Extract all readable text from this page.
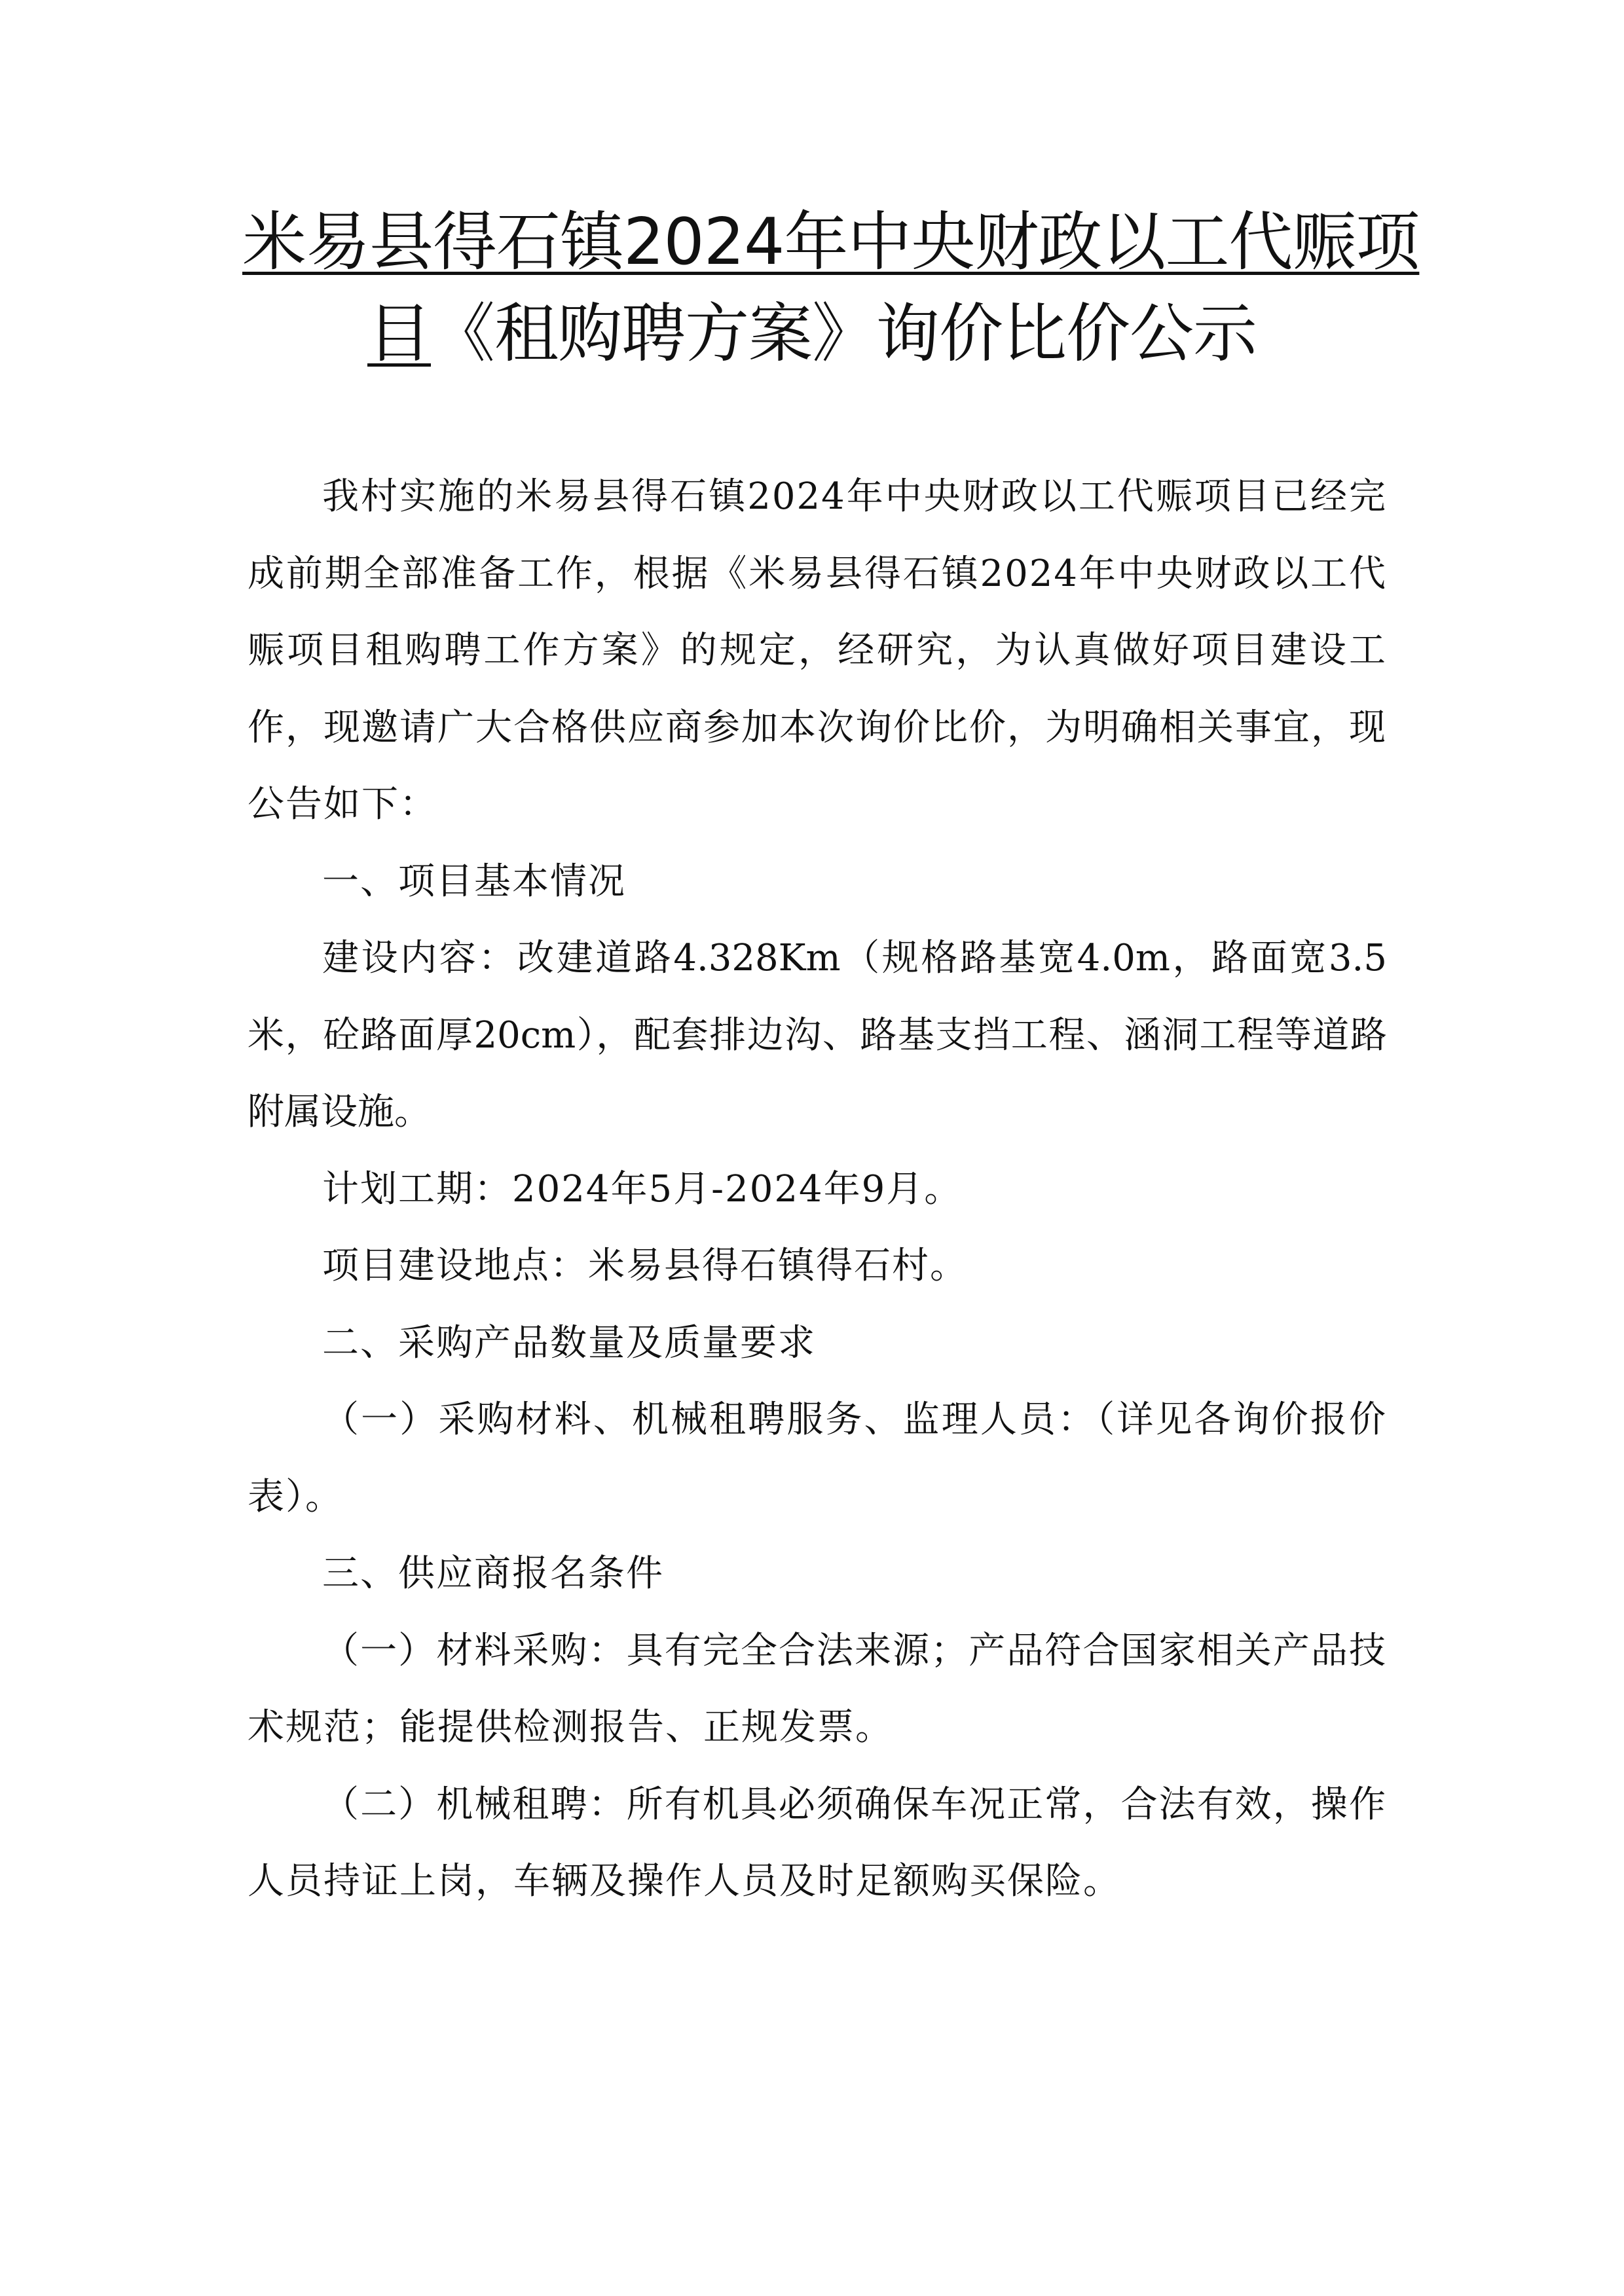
米易县得石镇2024年中央财政以工代赈项
目《租购聘方案》询价比价公示

我村实施的米易县得石镇2024年中央财政以工代赈项目已经完成前期全部准备工作，根据《米易县得石镇2024年中央财政以工代赈项目租购聘工作方案》的规定，经研究，为认真做好项目建设工作，现邀请广大合格供应商参加本次询价比价，为明确相关事宜，现公告如下：

一、项目基本情况

建设内容：改建道路4.328Km（规格路基宽4.0m，路面宽3.5米，砼路面厚20cm），配套排边沟、路基支挡工程、涵洞工程等道路附属设施。

计划工期：2024年5月-2024年9月。

项目建设地点：米易县得石镇得石村。

二、采购产品数量及质量要求

（一）采购材料、机械租聘服务、监理人员：（详见各询价报价表）。

三、供应商报名条件

（一）材料采购：具有完全合法来源；产品符合国家相关产品技术规范；能提供检测报告、正规发票。

（二）机械租聘：所有机具必须确保车况正常，合法有效，操作人员持证上岗，车辆及操作人员及时足额购买保险。
